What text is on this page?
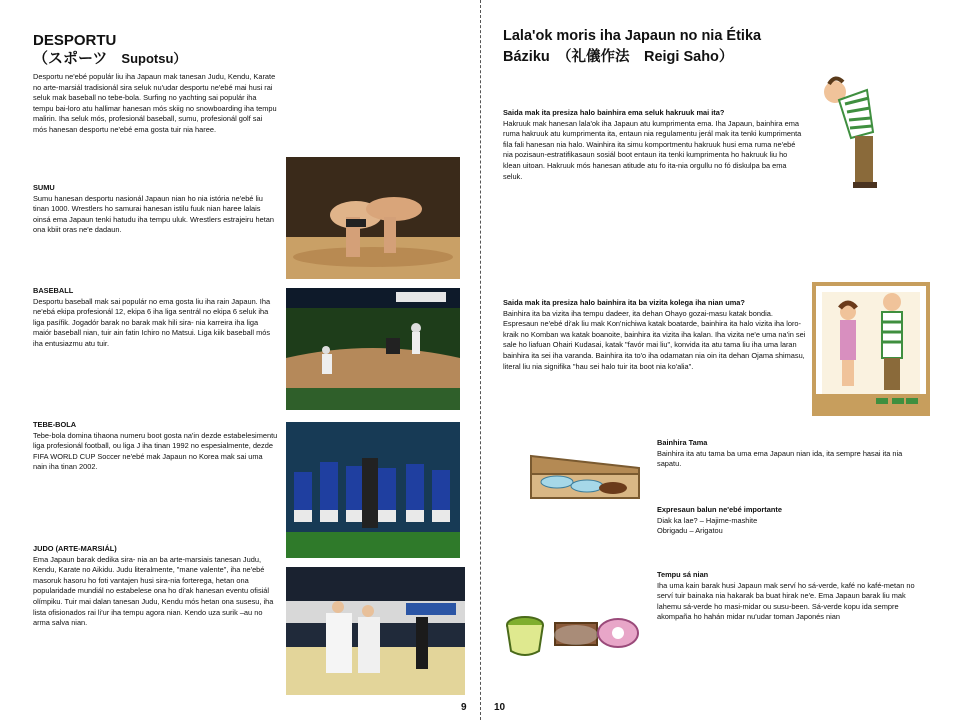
DESPORTU
（スポーツ Supotsu）

Desportu ne'ebé populár liu iha Japaun mak tanesan Judu, Kendu, Karate no arte-marsiál tradisionál sira seluk nu'udar desportu ne'ebé mai husi rai seluk mak baseball no tebe-bola. Surfing no yachting sai populár iha tempu bai-loro atu hallimar hanesan mós skiig no snowboarding iha tempu malirin. Iha seluk mós, profesionál baseball, sumu, profesionál golf sai mós hanesan desportu ne'ebé ema gosta tuir nia haree.

SUMU
Sumu hanesan desportu nasionál Japaun nian ho nia istória ne'ebé liu tinan 1000. Wrestlers ho samurai hanesan istilu fuuk nian haree lalais oinsá ema Japaun tenki hatudu iha tempu uluk. Wrestlers estrajeiru hetan ona kbiit oras ne'e dadaun.
BASEBALL
Desportu baseball mak sai populár no ema gosta liu iha rain Japaun. Iha ne'ebá ekipa profesionál 12, ekipa 6 iha liga sentrál no ekipa 6 seluk iha liga pasífik. Jogadór barak no barak mak hili sira- nia karreira iha liga maiór baseball nian, tuir ain fatin Ichiro no Matsui. Liga kiik baseball mós iha entusiazmu atu tuir.
TEBE-BOLA
Tebe-bola domina tihaona numeru boot gosta na'in dezde estabelesimentu liga profesionál football, ou liga J iha tinan 1992 no espesialmente, dezde FIFA WORLD CUP Soccer ne'ebé mak Japaun no Korea mak sai uma nain iha tinan 2002.
JUDO (ARTE-MARSIÁL)
Ema Japaun barak dedika sira- nia an ba arte-marsiais tanesan Judu, Kendu, Karate no Aikidu. Judu literalmente, "mane valente", iha ne'ebé masoruk hasoru ho foti vantajen husi sira-nia forterega, hetan ona popularidade mundiál no estabelese ona ho di'ak hanesan eventu ofisiál olímpiku. Tuir mai dalan tanesan Judu, Kendu mós hetan ona susesu, iha lista ofisionados rai li'ur iha tempu agora nian. Kendo uza surik –au no arma salva nian.
9
Lala'ok moris iha Japaun no nia Étika Báziku　（礼儀作法　Reigi Saho）
Saida mak ita presiza halo bainhira ema seluk hakruuk mai ita?
Hakruuk mak hanesan lala'ok iha Japaun atu kumprimenta ema. Iha Japaun, bainhira ema ruma hakruuk atu kumprimenta ita, entaun nia regulamentu jerál mak ita tenki kumprimenta fila fali hanesan nia halo. Wainhira ita simu komportmentu hakruuk husi ema ruma ne'ebé nia pozisaun-estratifikasaun sosiál boot entaun ita tenki kumprimenta ho hakruuk liu ho klean uitoan. Hakruuk mós hanesan atitude atu fo ita-nia orgullu no fó diskulpa ba ema seluk.
Saida mak ita presiza halo bainhira ita ba vizita kolega iha nian uma?
Bainhira ita ba vizita iha tempu dadeer, ita dehan Ohayo gozai-masu katak bondia. Espresaun ne'ebé di'ak liu mak Kon'nichiwa katak boatarde, bainhira ita halo vizita iha loro-kraik no Komban wa katak boanoite, bainhira ita vizita iha kalan. Iha vizita ne'e uma na'in sei sale ho liafuan Ohairi Kudasai, katak "favór mai liu", konvida ita atu tama liu iha uma laran bainhira ita sei iha varanda. Bainhira ita to'o iha odamatan nia oin ita dehan Ojama shimasu, literal liu nia signifika "hau sei halo tuir ita boot nia ko'alia".
Bainhira Tama
Bainhira ita atu tama ba uma ema Japaun nian ida, ita sempre hasai ita nia sapatu.
Expresaun balun ne'ebé importante
Diak ka lae? – Hajime-mashite
Obrigadu – Arigatou
Tempu sá nian
Iha uma kain barak husi Japaun mak serví ho sá-verde, kafé no kafé-metan no serví tuir bainaka nia hakarak ba buat hirak ne'e. Ema Japaun barak liu mak lahemu sá-verde ho masi-midar ou susu-been. Sá-verde kopu ida sempre akompaña ho hahán midar nu'udar toman Japonés nian
10
